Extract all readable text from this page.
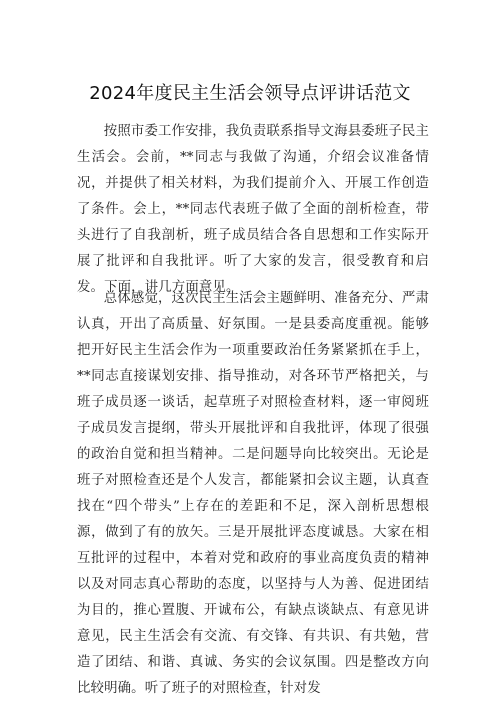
2024年度民主生活会领导点评讲话范文

按照市委工作安排，我负责联系指导文海县委班子民主生活会。会前，**同志与我做了沟通，介绍会议准备情况，并提供了相关材料，为我们提前介入、开展工作创造了条件。会上，**同志代表班子做了全面的剖析检查，带头进行了自我剖析，班子成员结合各自思想和工作实际开展了批评和自我批评。听了大家的发言，很受教育和启发。下面，讲几方面意见。

总体感觉，这次民主生活会主题鲜明、准备充分、严肃认真，开出了高质量、好氛围。一是县委高度重视。能够把开好民主生活会作为一项重要政治任务紧紧抓在手上，**同志直接谋划安排、指导推动，对各环节严格把关，与班子成员逐一谈话，起草班子对照检查材料，逐一审阅班子成员发言提纲，带头开展批评和自我批评，体现了很强的政治自觉和担当精神。二是问题导向比较突出。无论是班子对照检查还是个人发言，都能紧扣会议主题，认真查找在“四个带头”上存在的差距和不足，深入剖析思想根源，做到了有的放矢。三是开展批评态度诚恳。大家在相互批评的过程中，本着对党和政府的事业高度负责的精神以及对同志真心帮助的态度，以坚持与人为善、促进团结为目的，推心置腹、开诚布公，有缺点谈缺点、有意见讲意见，民主生活会有交流、有交锋、有共识、有共勉，营造了团结、和谐、真诚、务实的会议氛围。四是整改方向比较明确。听了班子的对照检查，针对发
